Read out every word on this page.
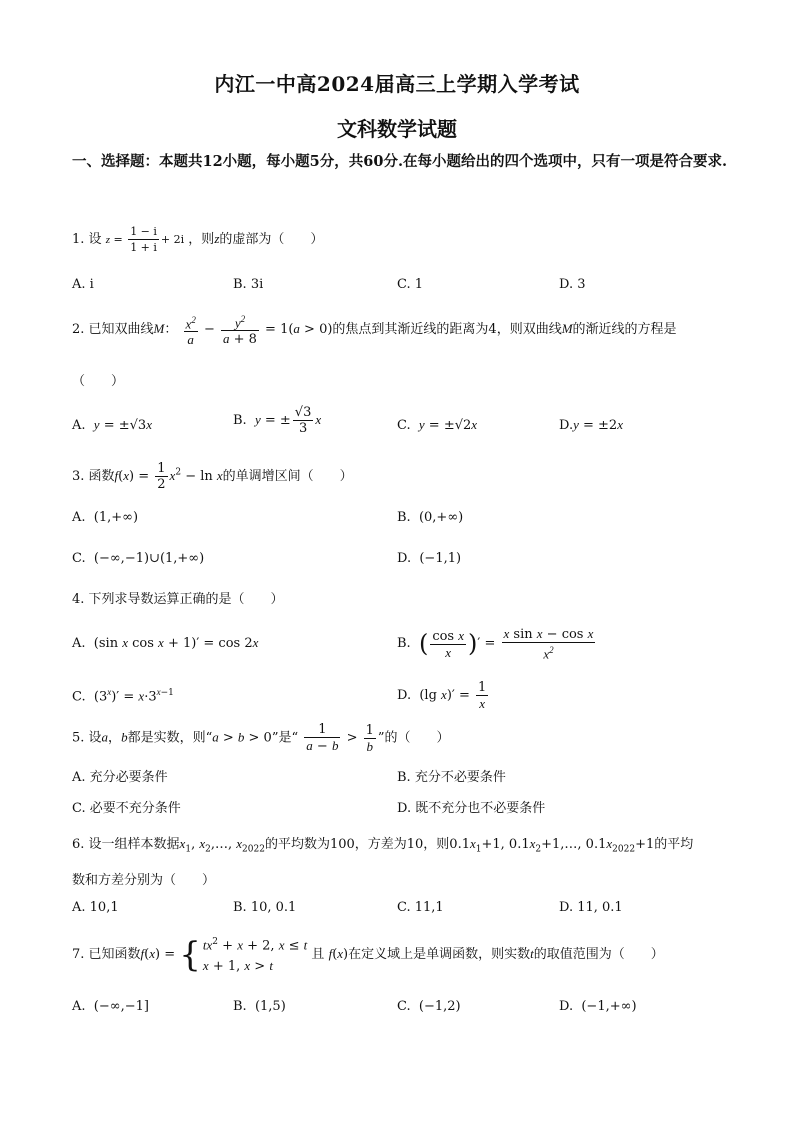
内江一中高2024届高三上学期入学考试
文科数学试题
一、选择题：本题共12小题，每小题5分，共60分.在每小题给出的四个选项中，只有一项是符合要求.
1. 设 $z = \frac{1 - i}{1 + i} + 2i$ ，则z的虚部为（　　）
A. i	B. 3i	C. 1	D. 3
2. 已知双曲线M： $\frac{x^2}{a} - \frac{y^2}{a + 8} = 1(a > 0)$的焦点到其渐近线的距离为4，则双曲线M的渐近线的方程是
（　　）
A. y = ±√3x	B. y = ± $\frac{√3}{3}$ x	C. y = ±√2x	D.y = ±2x
3. 函数$f(x) = \frac{1}{2} x^2 - \ln x$的单调增区间（　　）
A.  (1,+∞)	B.  (0,+∞)
C.  (−∞,−1)∪(1,+∞)	D.  (−1,1)
4. 下列求导数运算正确的是（　　）
A.  (sin x cos x + 1)′ = cos 2x	B. ( $\frac{\text{cos x}}{x}$ )′ = $\frac{\text{x sin x − cos x}}{x^2}$
C.  $(3^x)' = x\cdot 3^{x-1}$	D.  (lg $x)' = \frac{1}{x}$
5. 设a，b都是实数，则“a > b > 0”是“ $\frac{1}{a - b} > \frac{1}{b}$ ”的（　　）
A. 充分必要条件	B. 充分不必要条件
C. 必要不充分条件	D. 既不充分也不必要条件
6. 设一组样本数据$x_1$, $x_2,\dots$, $x_{2022}$的平均数为100，方差为10，则$0.1x_1+1$, $0.1x_2+1,\dots$, $0.1x_{2022}+1$的平均
数和方差分别为（　　）
A. 10,1	B. 10, 0.1	C. 11,1	D. 11, 0.1
7. 已知函数f(x) = { $tx^2 + x + 2$, x ≤ t
x + 1, x > t
且 f(x)在定义域上是单调函数，则实数t的取值范围为（　　）
A.  (−∞,−1]	B.  (1,5)	C.  (−1,2)	D.  (−1,+∞)
